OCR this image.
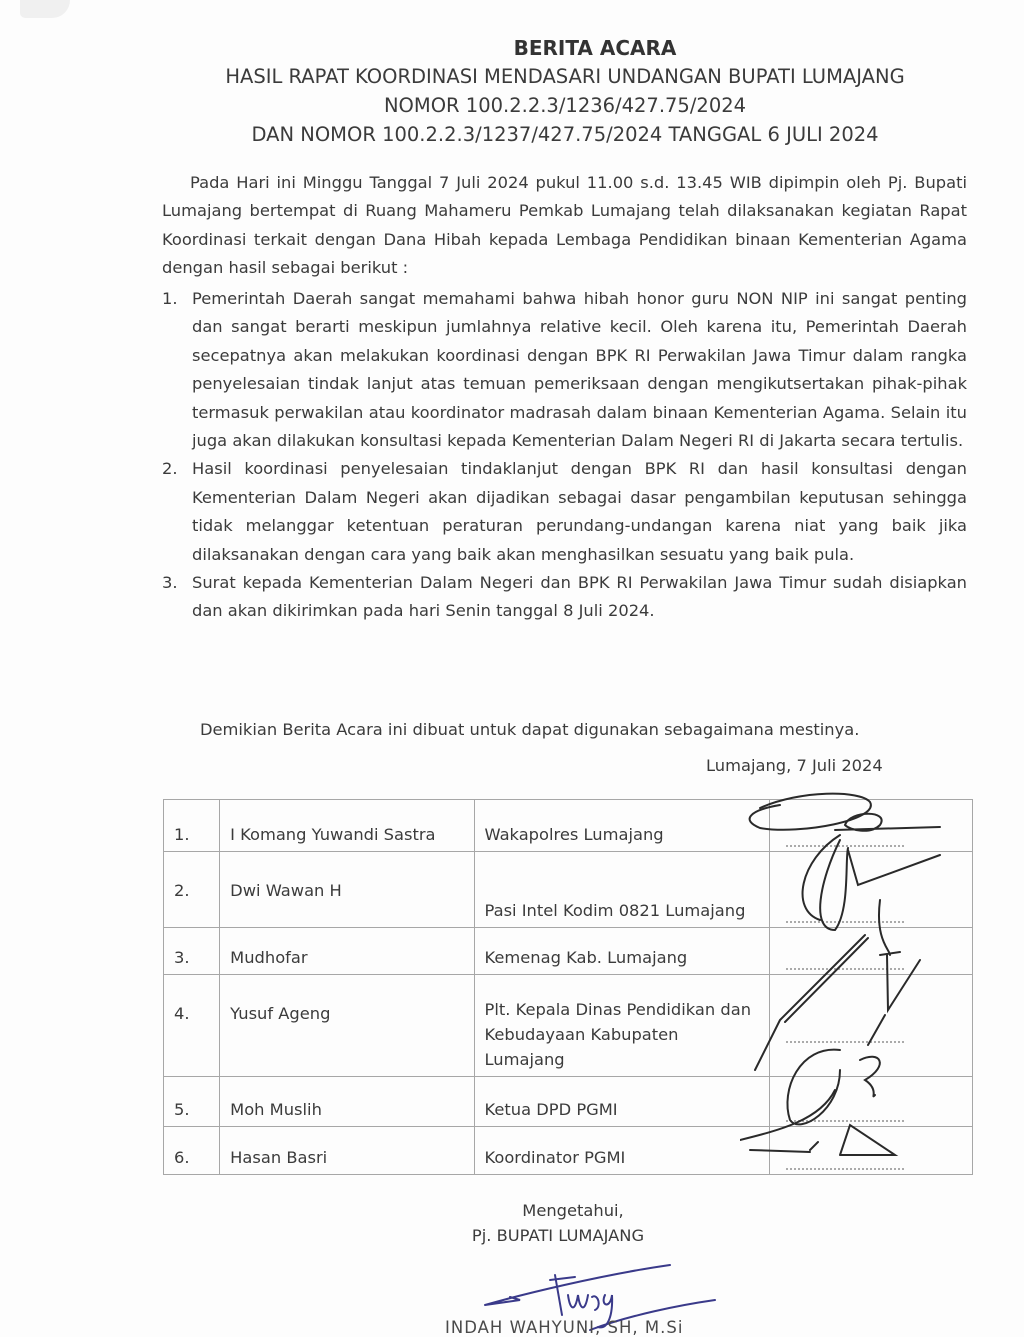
BERITA ACARA
HASIL RAPAT KOORDINASI MENDASARI UNDANGAN BUPATI LUMAJANG
NOMOR 100.2.2.3/1236/427.75/2024
DAN NOMOR 100.2.2.3/1237/427.75/2024 TANGGAL 6 JULI 2024
Pada Hari ini Minggu Tanggal 7 Juli 2024 pukul 11.00 s.d. 13.45 WIB dipimpin oleh Pj. Bupati Lumajang bertempat di Ruang Mahameru Pemkab Lumajang telah dilaksanakan kegiatan Rapat Koordinasi terkait dengan Dana Hibah kepada Lembaga Pendidikan binaan Kementerian Agama dengan hasil sebagai berikut :
1. Pemerintah Daerah sangat memahami bahwa hibah honor guru NON NIP ini sangat penting dan sangat berarti meskipun jumlahnya relative kecil. Oleh karena itu, Pemerintah Daerah secepatnya akan melakukan koordinasi dengan BPK RI Perwakilan Jawa Timur dalam rangka penyelesaian tindak lanjut atas temuan pemeriksaan dengan mengikutsertakan pihak-pihak termasuk perwakilan atau koordinator madrasah dalam binaan Kementerian Agama. Selain itu juga akan dilakukan konsultasi kepada Kementerian Dalam Negeri RI di Jakarta secara tertulis.
2. Hasil koordinasi penyelesaian tindaklanjut dengan BPK RI dan hasil konsultasi dengan Kementerian Dalam Negeri akan dijadikan sebagai dasar pengambilan keputusan sehingga tidak melanggar ketentuan peraturan perundang-undangan karena niat yang baik jika dilaksanakan dengan cara yang baik akan menghasilkan sesuatu yang baik pula.
3. Surat kepada Kementerian Dalam Negeri dan BPK RI Perwakilan Jawa Timur sudah disiapkan dan akan dikirimkan pada hari Senin tanggal 8 Juli 2024.
Demikian Berita Acara ini dibuat untuk dapat digunakan sebagaimana mestinya.
Lumajang, 7 Juli 2024
1.	I Komang Yuwandi Sastra	Wakapolres Lumajang	

2.	Dwi Wawan H	Pasi Intel Kodim 0821 Lumajang	

3.	Mudhofar	Kemenag Kab. Lumajang	

4.	Yusuf Ageng	Plt. Kepala Dinas Pendidikan dan Kebudayaan Kabupaten Lumajang	

5.	Moh Muslih	Ketua DPD PGMI	

6.	Hasan Basri	Koordinator PGMI	
Mengetahui,
Pj. BUPATI LUMAJANG
INDAH WAHYUNI, SH, M.Si
